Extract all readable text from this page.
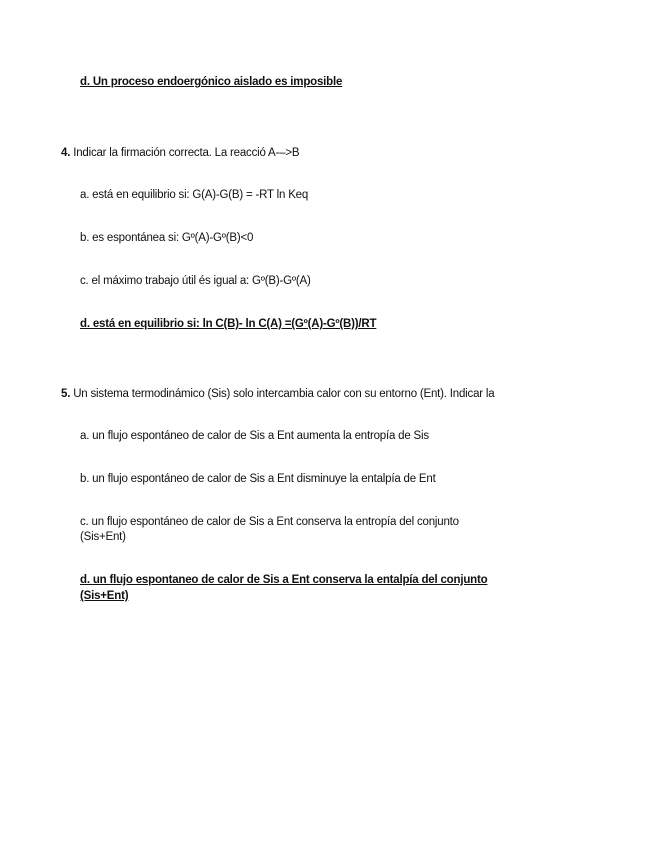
d. Un proceso endoergónico aislado es imposible
4. Indicar la firmación correcta. La reacció A-–>B
a. está en equilibrio si: G(A)-G(B) = -RT ln Keq
b. es espontánea si: Gº(A)-Gº(B)<0
c. el máximo trabajo útil és igual a: Gº(B)-Gº(A)
d. está en equilibrio si: ln C(B)- ln C(A) =(Gº(A)-Gº(B))/RT
5. Un sistema termodinámico (Sis) solo intercambia calor con su entorno (Ent). Indicar la
a. un flujo espontáneo de calor de Sis a Ent aumenta la entropía de Sis
b. un flujo espontáneo de calor de Sis a Ent disminuye la entalpía de Ent
c. un flujo espontáneo de calor de Sis a Ent conserva la entropía del conjunto
(Sis+Ent)
d. un flujo espontaneo de calor de Sis a Ent conserva la entalpía del conjunto
(Sis+Ent)
